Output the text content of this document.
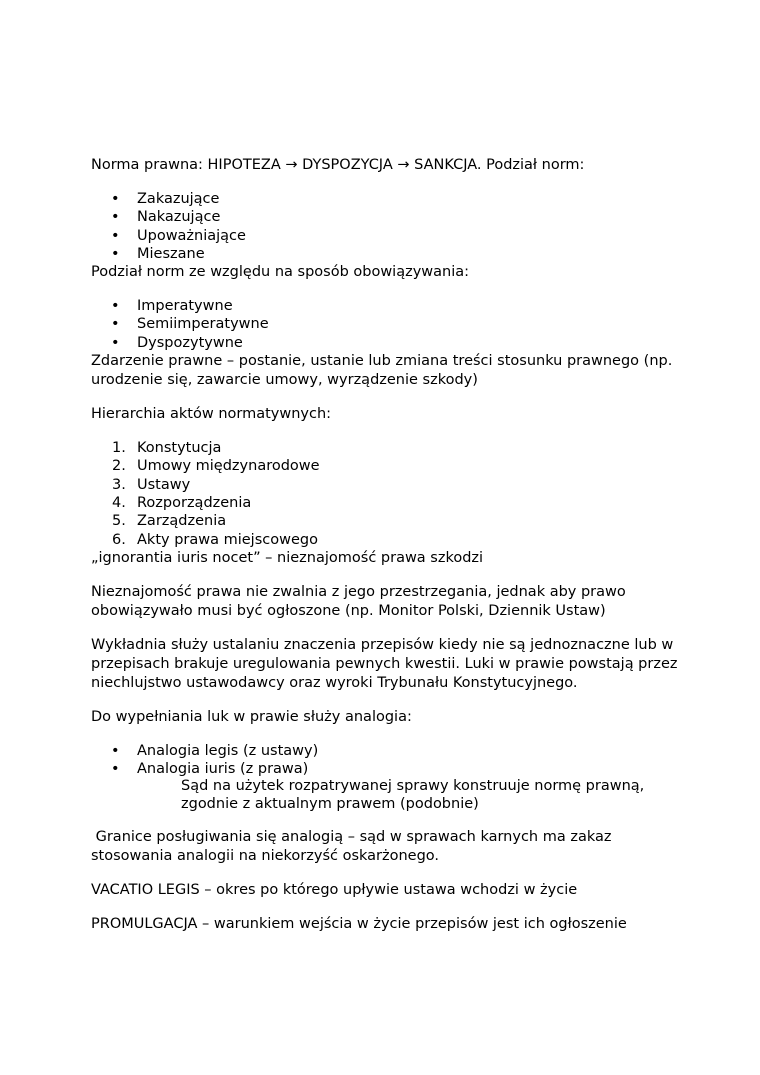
Norma prawna: HIPOTEZA → DYSPOZYCJA → SANKCJA. Podział norm:

• Zakazujące
• Nakazujące
• Upoważniające
• Mieszane

Podział norm ze względu na sposób obowiązywania:

• Imperatywne
• Semiimperatywne
• Dyspozytywne

Zdarzenie prawne – postanie, ustanie lub zmiana treści stosunku prawnego (np.

urodzenie się, zawarcie umowy, wyrządzenie szkody)

Hierarchia aktów normatywnych:

1. Konstytucja
2. Umowy międzynarodowe
3. Ustawy
4. Rozporządzenia
5. Zarządzenia
6. Akty prawa miejscowego

„ignorantia iuris nocet” – nieznajomość prawa szkodzi

Nieznajomość prawa nie zwalnia z jego przestrzegania, jednak aby prawo

obowiązywało musi być ogłoszone (np. Monitor Polski, Dziennik Ustaw)

Wykładnia służy ustalaniu znaczenia przepisów kiedy nie są jednoznaczne lub w

przepisach brakuje uregulowania pewnych kwestii. Luki w prawie powstają przez

niechlujstwo ustawodawcy oraz wyroki Trybunału Konstytucyjnego.

Do wypełniania luk w prawie służy analogia:

• Analogia legis (z ustawy)
• Analogia iuris (z prawa)

Sąd na użytek rozpatrywanej sprawy konstruuje normę prawną,

zgodnie z aktualnym prawem (podobnie)

Granice posługiwania się analogią – sąd w sprawach karnych ma zakaz

stosowania analogii na niekorzyść oskarżonego.

VACATIO LEGIS – okres po którego upływie ustawa wchodzi w życie

PROMULGACJA – warunkiem wejścia w życie przepisów jest ich ogłoszenie
